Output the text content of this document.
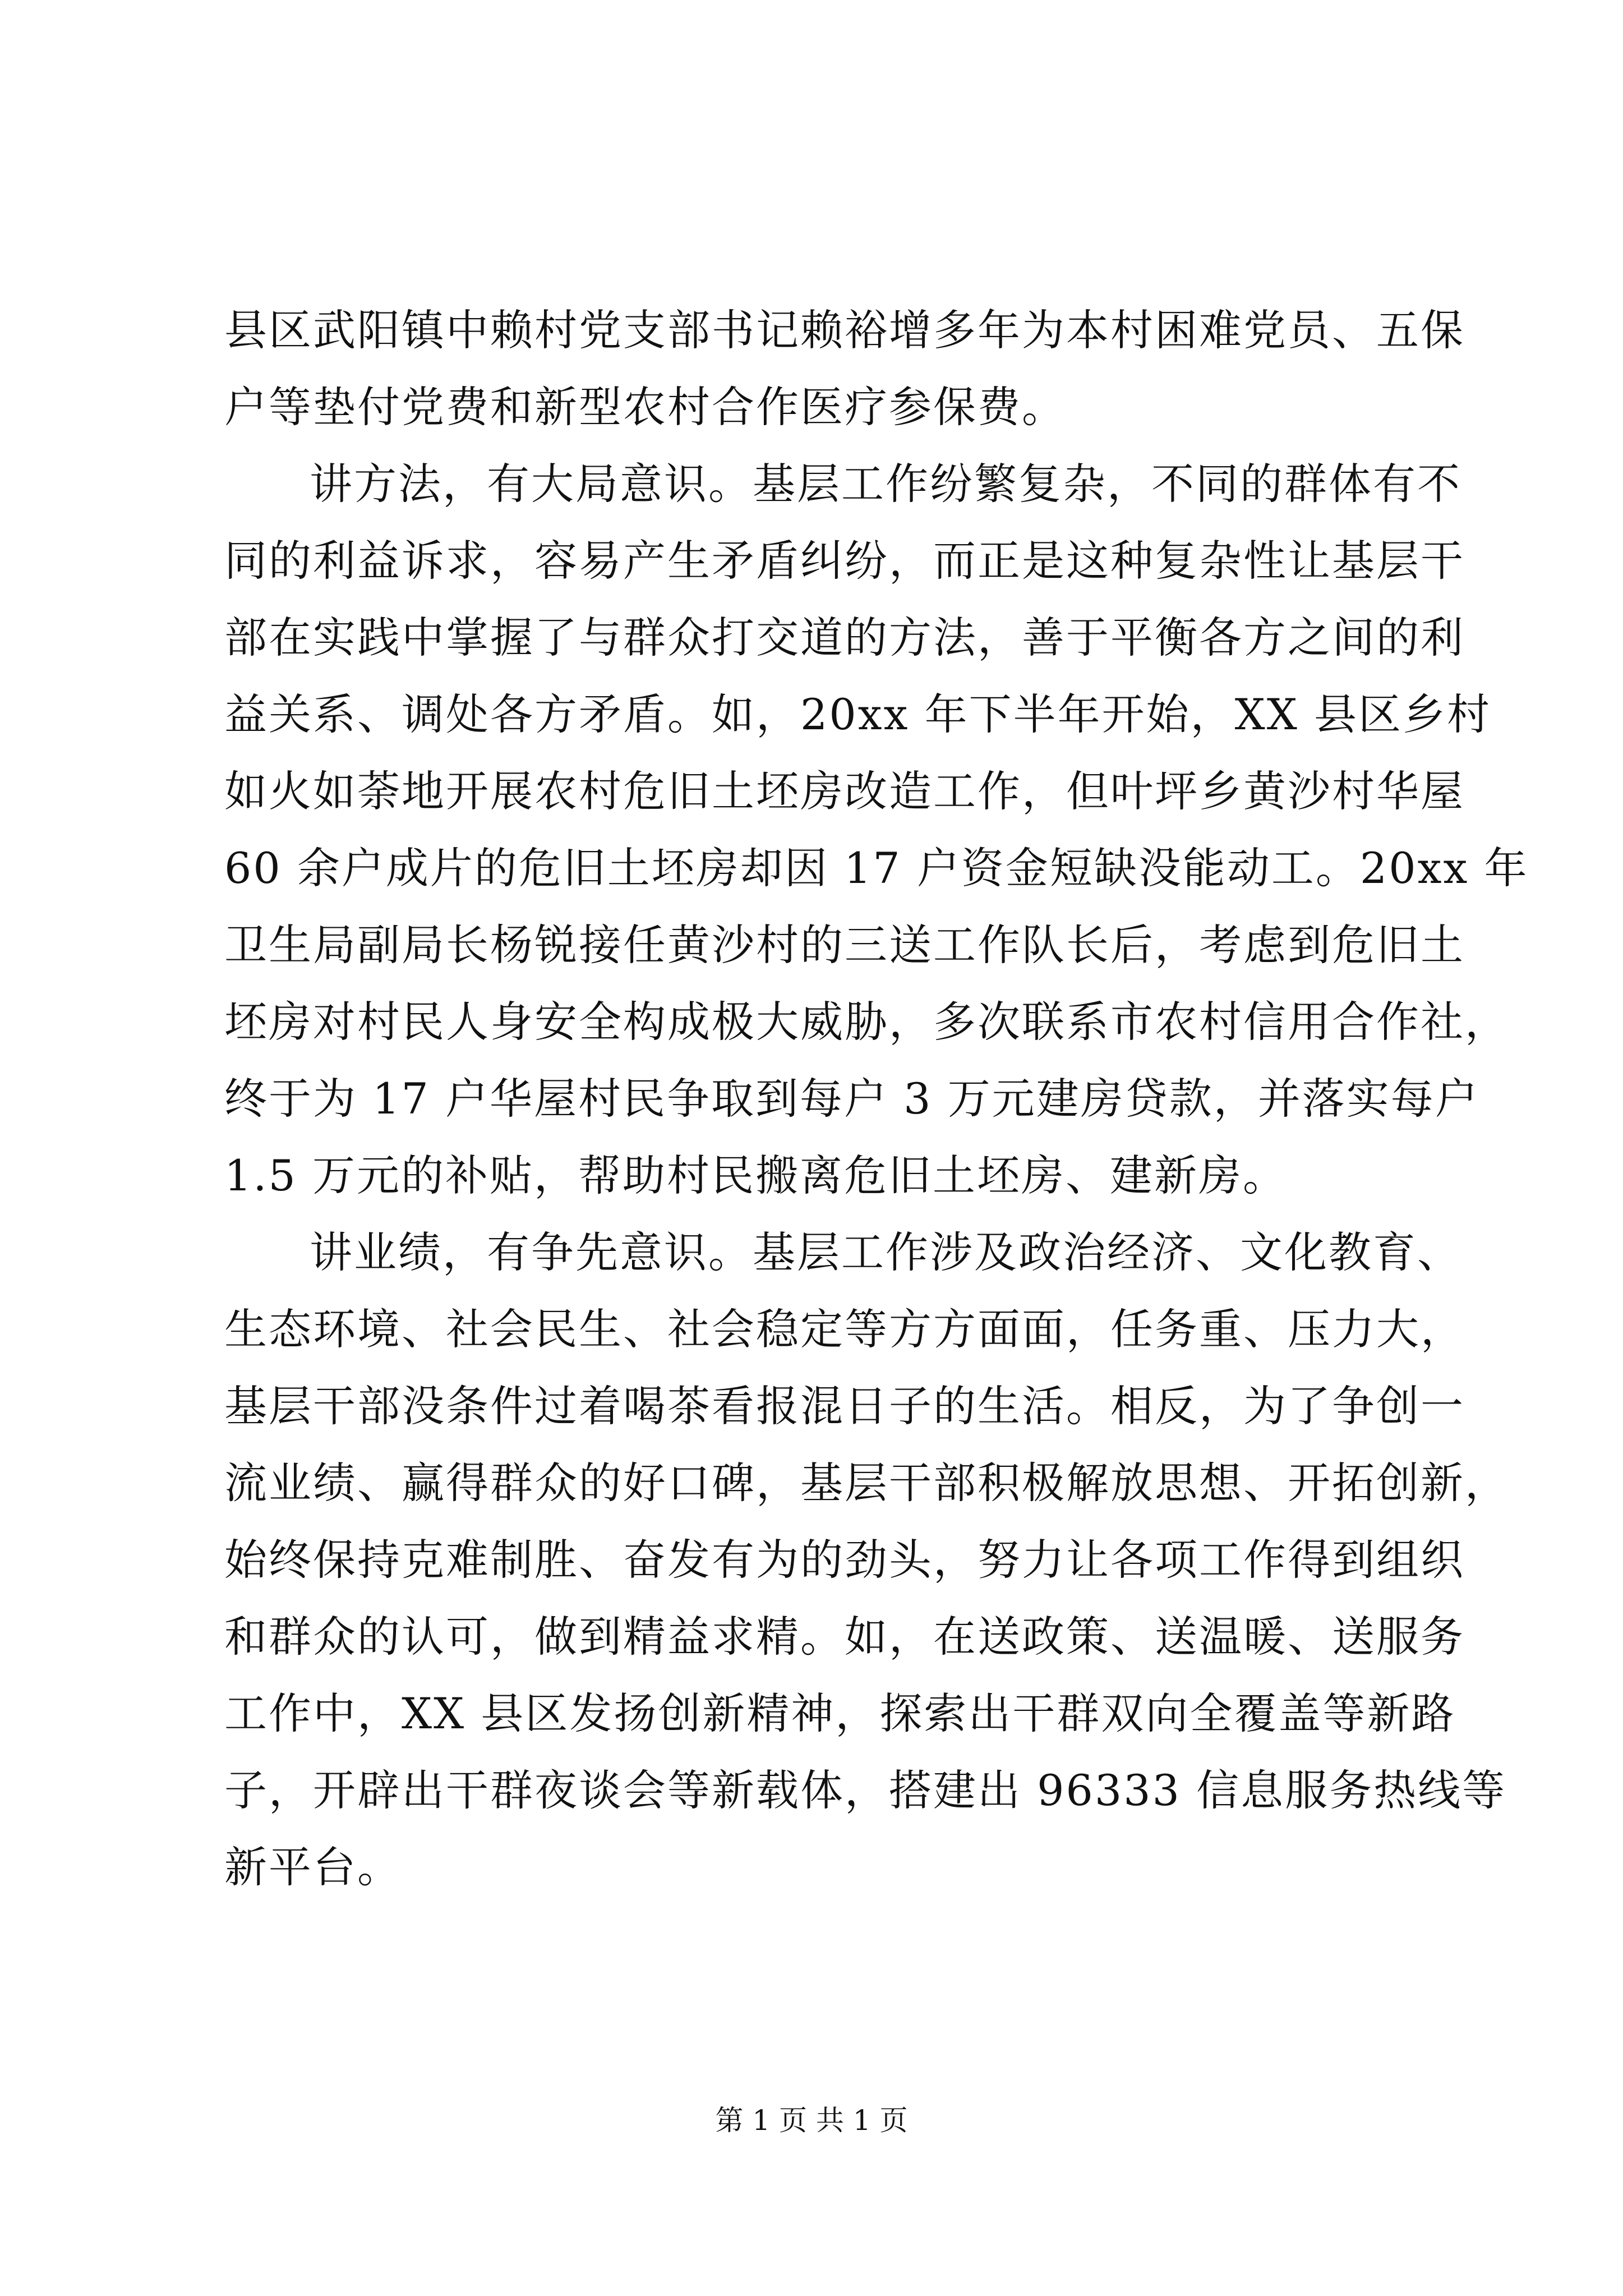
县区武阳镇中赖村党支部书记赖裕增多年为本村困难党员、五保
户等垫付党费和新型农村合作医疗参保费。
讲方法，有大局意识。基层工作纷繁复杂，不同的群体有不
同的利益诉求，容易产生矛盾纠纷，而正是这种复杂性让基层干
部在实践中掌握了与群众打交道的方法，善于平衡各方之间的利
益关系、调处各方矛盾。如，20xx 年下半年开始，XX 县区乡村
如火如荼地开展农村危旧土坯房改造工作，但叶坪乡黄沙村华屋
60 余户成片的危旧土坯房却因 17 户资金短缺没能动工。20xx 年
卫生局副局长杨锐接任黄沙村的三送工作队长后，考虑到危旧土
坯房对村民人身安全构成极大威胁，多次联系市农村信用合作社，
终于为 17 户华屋村民争取到每户 3 万元建房贷款，并落实每户
1.5 万元的补贴，帮助村民搬离危旧土坯房、建新房。
讲业绩，有争先意识。基层工作涉及政治经济、文化教育、
生态环境、社会民生、社会稳定等方方面面，任务重、压力大，
基层干部没条件过着喝茶看报混日子的生活。相反，为了争创一
流业绩、赢得群众的好口碑，基层干部积极解放思想、开拓创新，
始终保持克难制胜、奋发有为的劲头，努力让各项工作得到组织
和群众的认可，做到精益求精。如，在送政策、送温暖、送服务
工作中，XX 县区发扬创新精神，探索出干群双向全覆盖等新路
子，开辟出干群夜谈会等新载体，搭建出 96333 信息服务热线等
新平台。
第 1 页 共 1 页
